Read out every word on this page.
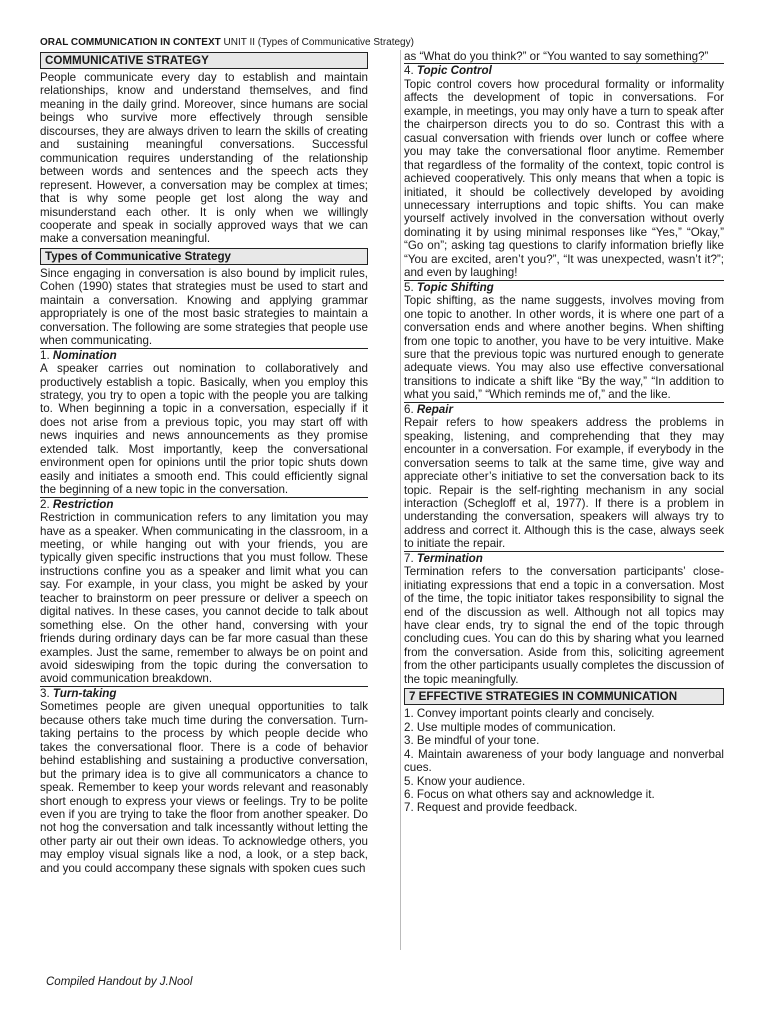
ORAL COMMUNICATION IN CONTEXT UNIT II (Types of Communicative Strategy)
COMMUNICATIVE STRATEGY

People communicate every day to establish and maintain relationships, know and understand themselves, and find meaning in the daily grind. Moreover, since humans are social beings who survive more effectively through sensible discourses, they are always driven to learn the skills of creating and sustaining meaningful conversations. Successful communication requires understanding of the relationship between words and sentences and the speech acts they represent. However, a conversation may be complex at times; that is why some people get lost along the way and misunderstand each other. It is only when we willingly cooperate and speak in socially approved ways that we can make a conversation meaningful.

Types of Communicative Strategy

Since engaging in conversation is also bound by implicit rules, Cohen (1990) states that strategies must be used to start and maintain a conversation. Knowing and applying grammar appropriately is one of the most basic strategies to maintain a conversation. The following are some strategies that people use when communicating.

1. Nomination

A speaker carries out nomination to collaboratively and productively establish a topic. Basically, when you employ this strategy, you try to open a topic with the people you are talking to. When beginning a topic in a conversation, especially if it does not arise from a previous topic, you may start off with news inquiries and news announcements as they promise extended talk. Most importantly, keep the conversational environment open for opinions until the prior topic shuts down easily and initiates a smooth end. This could efficiently signal the beginning of a new topic in the conversation.

2. Restriction

Restriction in communication refers to any limitation you may have as a speaker. When communicating in the classroom, in a meeting, or while hanging out with your friends, you are typically given specific instructions that you must follow. These instructions confine you as a speaker and limit what you can say. For example, in your class, you might be asked by your teacher to brainstorm on peer pressure or deliver a speech on digital natives. In these cases, you cannot decide to talk about something else. On the other hand, conversing with your friends during ordinary days can be far more casual than these examples. Just the same, remember to always be on point and avoid sideswiping from the topic during the conversation to avoid communication breakdown.

3. Turn-taking

Sometimes people are given unequal opportunities to talk because others take much time during the conversation. Turn-taking pertains to the process by which people decide who takes the conversational floor. There is a code of behavior behind establishing and sustaining a productive conversation, but the primary idea is to give all communicators a chance to speak. Remember to keep your words relevant and reasonably short enough to express your views or feelings. Try to be polite even if you are trying to take the floor from another speaker. Do not hog the conversation and talk incessantly without letting the other party air out their own ideas. To acknowledge others, you may employ visual signals like a nod, a look, or a step back, and you could accompany these signals with spoken cues such

as “What do you think?” or “You wanted to say something?”

4. Topic Control

Topic control covers how procedural formality or informality affects the development of topic in conversations. For example, in meetings, you may only have a turn to speak after the chairperson directs you to do so. Contrast this with a casual conversation with friends over lunch or coffee where you may take the conversational floor anytime. Remember that regardless of the formality of the context, topic control is achieved cooperatively. This only means that when a topic is initiated, it should be collectively developed by avoiding unnecessary interruptions and topic shifts. You can make yourself actively involved in the conversation without overly dominating it by using minimal responses like “Yes,” “Okay,” “Go on”; asking tag questions to clarify information briefly like “You are excited, aren’t you?”, “It was unexpected, wasn’t it?”; and even by laughing!

5. Topic Shifting

Topic shifting, as the name suggests, involves moving from one topic to another. In other words, it is where one part of a conversation ends and where another begins. When shifting from one topic to another, you have to be very intuitive. Make sure that the previous topic was nurtured enough to generate adequate views. You may also use effective conversational transitions to indicate a shift like “By the way,” “In addition to what you said,” “Which reminds me of,” and the like.

6. Repair

Repair refers to how speakers address the problems in speaking, listening, and comprehending that they may encounter in a conversation. For example, if everybody in the conversation seems to talk at the same time, give way and appreciate other’s initiative to set the conversation back to its topic. Repair is the self-righting mechanism in any social interaction (Schegloff et al, 1977). If there is a problem in understanding the conversation, speakers will always try to address and correct it. Although this is the case, always seek to initiate the repair.

7. Termination

Termination refers to the conversation participants’ close-initiating expressions that end a topic in a conversation. Most of the time, the topic initiator takes responsibility to signal the end of the discussion as well. Although not all topics may have clear ends, try to signal the end of the topic through concluding cues. You can do this by sharing what you learned from the conversation. Aside from this, soliciting agreement from the other participants usually completes the discussion of the topic meaningfully.

7 EFFECTIVE STRATEGIES IN COMMUNICATION
1. Convey important points clearly and concisely.
2. Use multiple modes of communication.
3. Be mindful of your tone.
4. Maintain awareness of your body language and nonverbal cues.
5. Know your audience.
6. Focus on what others say and acknowledge it.
7. Request and provide feedback.
Compiled Handout by J.Nool
